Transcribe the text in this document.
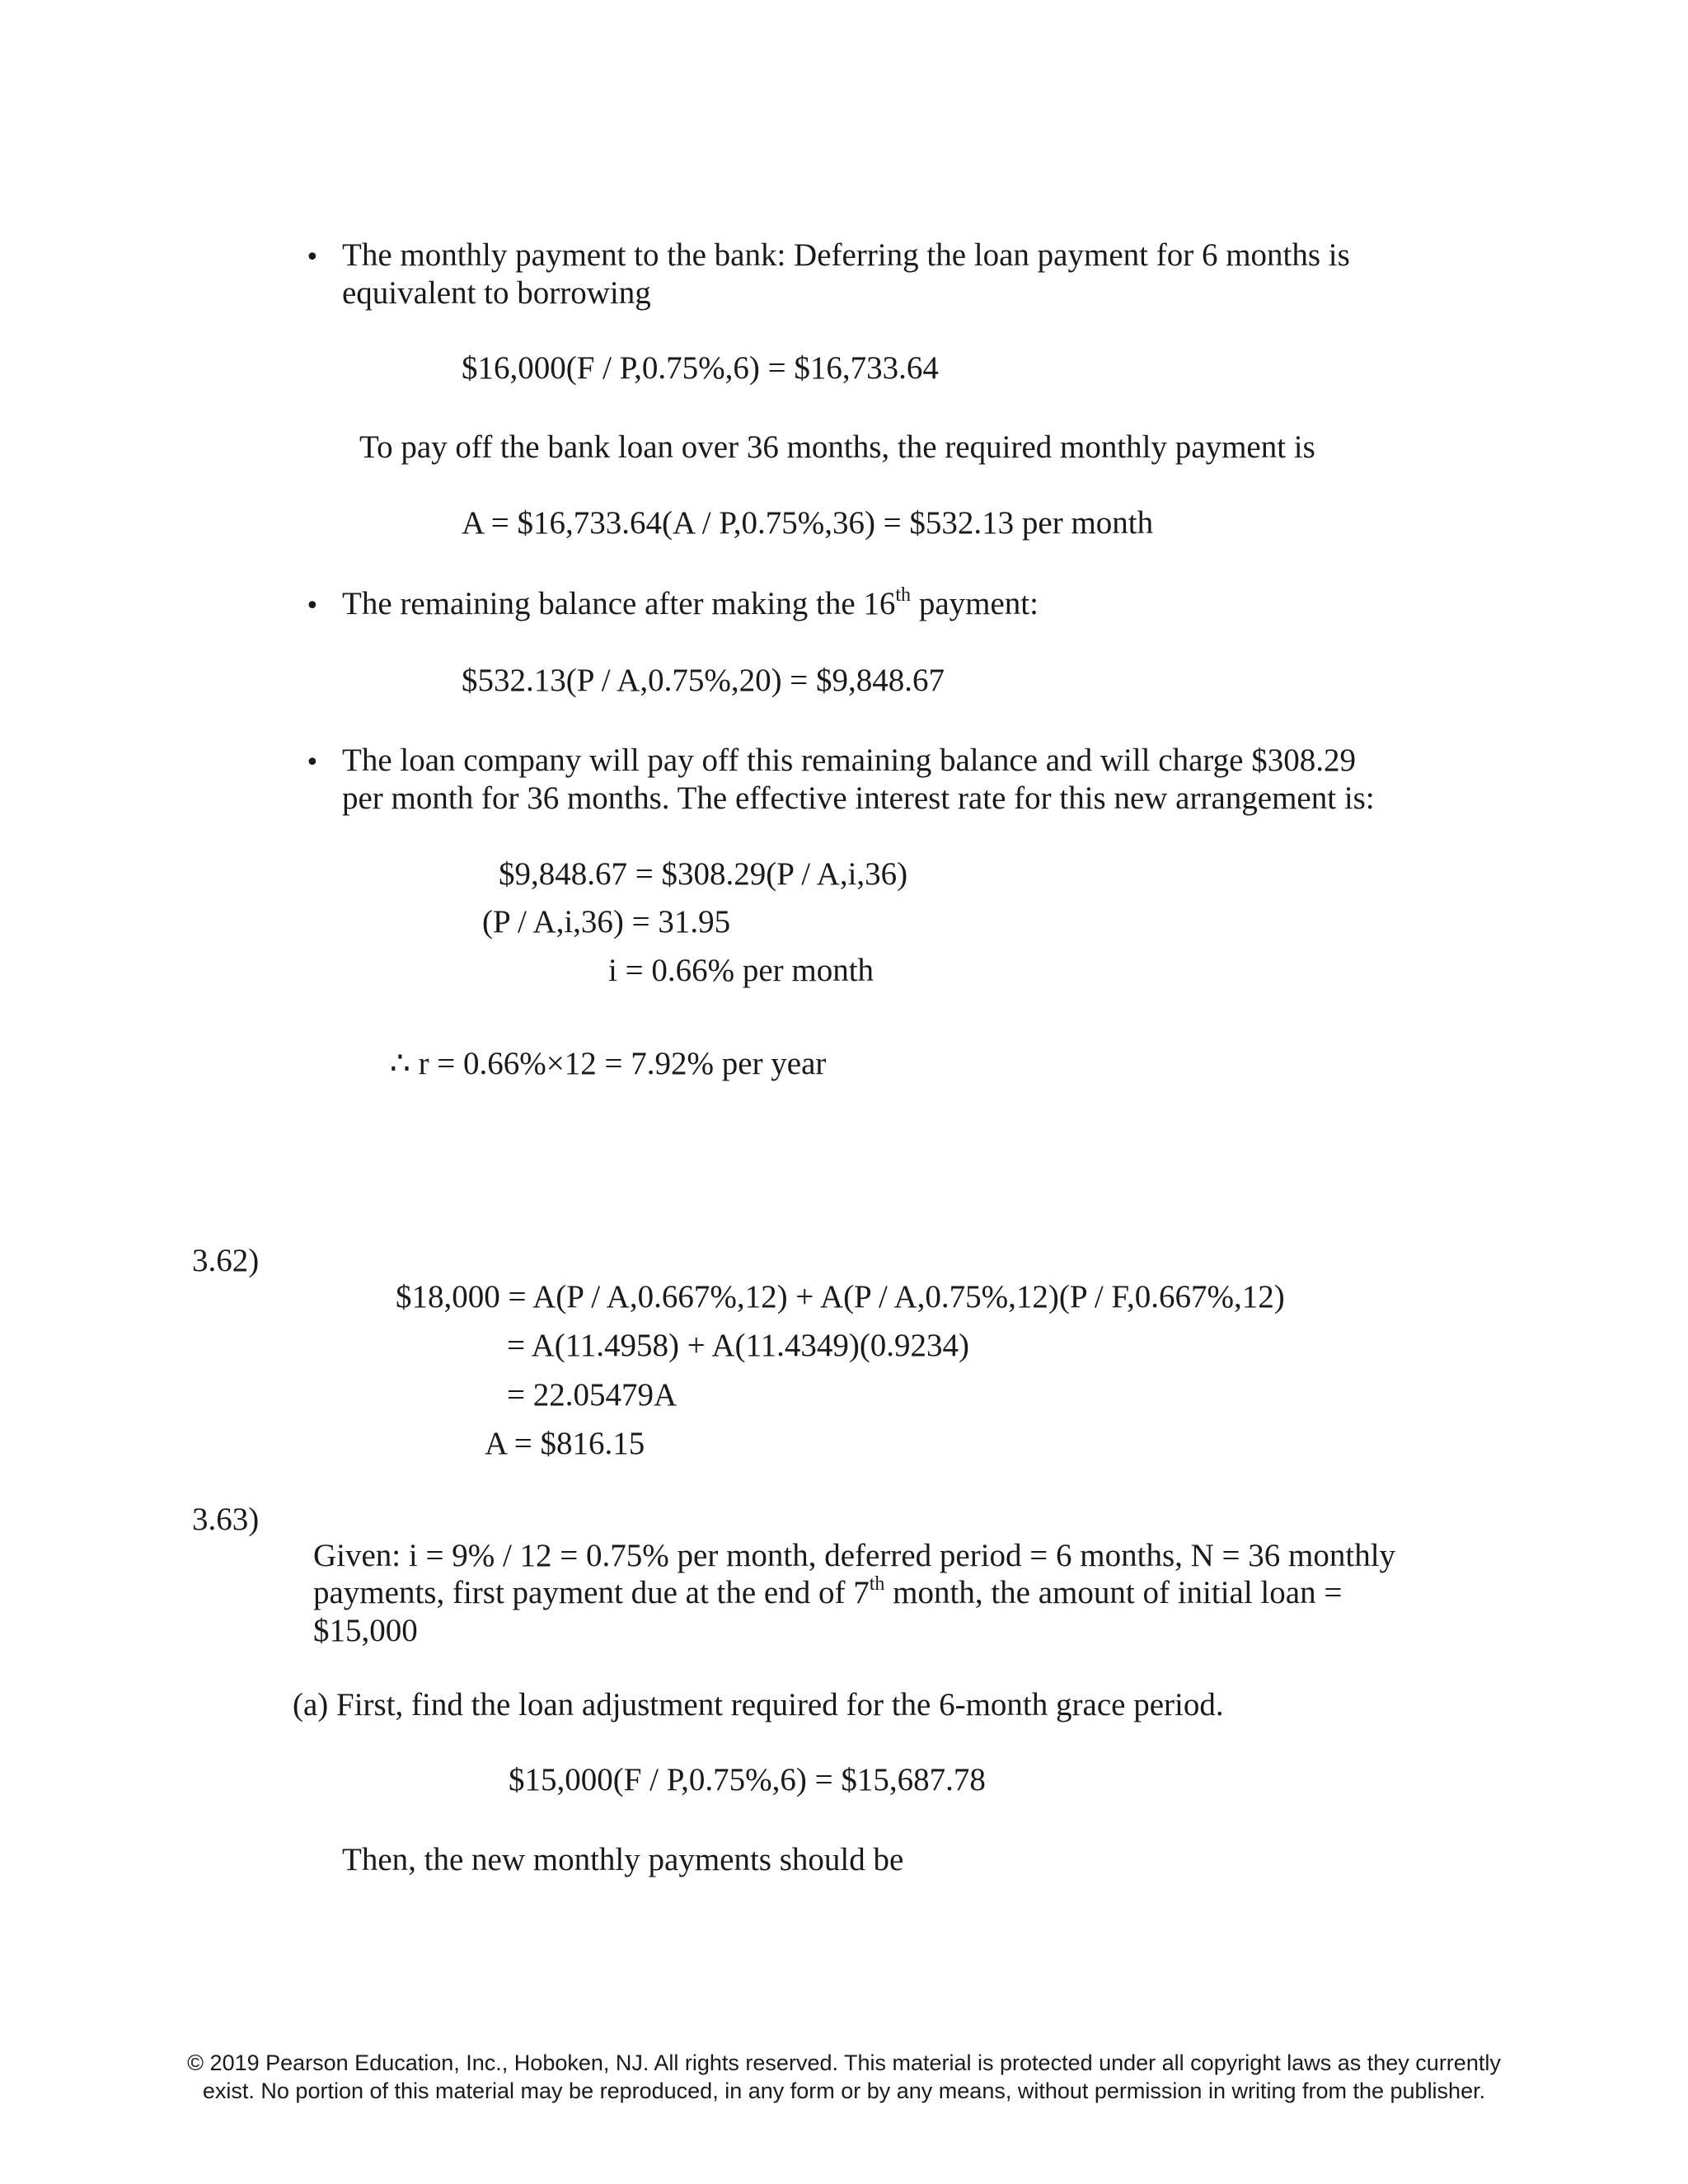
• The monthly payment to the bank: Deferring the loan payment for 6 months is
equivalent to borrowing
$16,000(F / P,0.75%,6) = $16,733.64
To pay off the bank loan over 36 months, the required monthly payment is
A = $16,733.64(A / P,0.75%,36) = $532.13 per month
• The remaining balance after making the 16th payment:
$532.13(P / A,0.75%,20) = $9,848.67
• The loan company will pay off this remaining balance and will charge $308.29
per month for 36 months. The effective interest rate for this new arrangement is:
$9,848.67 = $308.29(P / A,i,36)
(P / A,i,36) = 31.95
i = 0.66% per month
∴ r = 0.66%×12 = 7.92% per year
3.62)
$18,000 = A(P / A,0.667%,12) + A(P / A,0.75%,12)(P / F,0.667%,12)
= A(11.4958) + A(11.4349)(0.9234)
= 22.05479A
A = $816.15
3.63)
Given: i = 9% / 12 = 0.75% per month, deferred period = 6 months, N = 36 monthly
payments, first payment due at the end of 7th month, the amount of initial loan =
$15,000
(a) First, find the loan adjustment required for the 6-month grace period.
$15,000(F / P,0.75%,6) = $15,687.78
Then, the new monthly payments should be
© 2019 Pearson Education, Inc., Hoboken, NJ. All rights reserved. This material is protected under all copyright laws as they currently
exist. No portion of this material may be reproduced, in any form or by any means, without permission in writing from the publisher.
